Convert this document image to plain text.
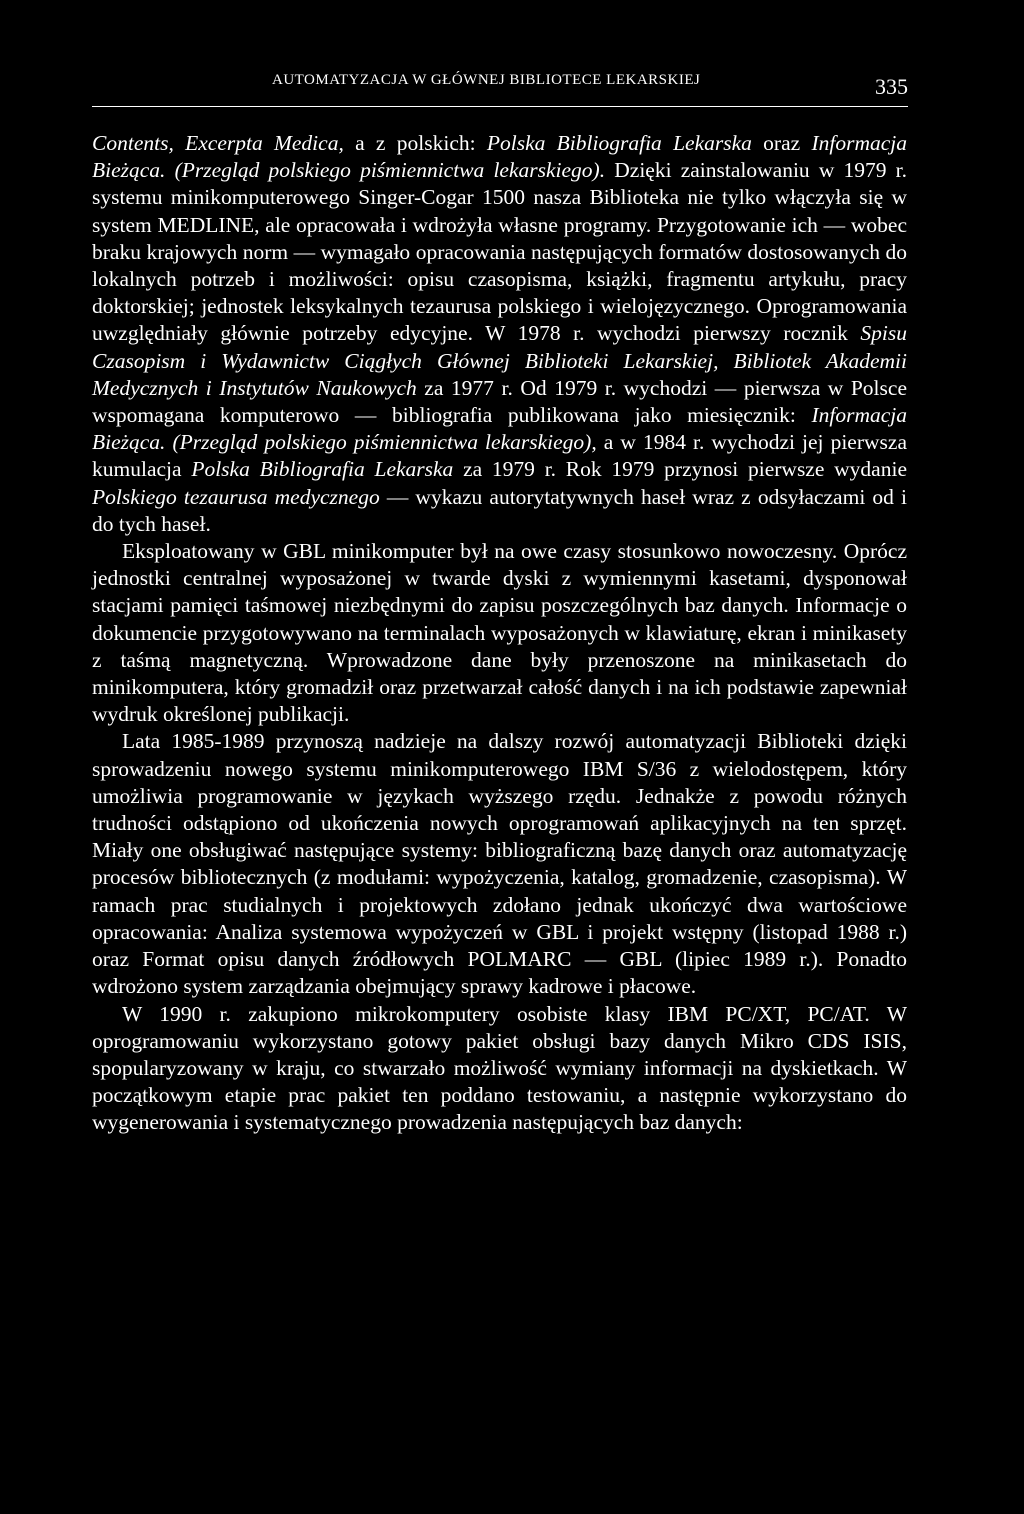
AUTOMATYZACJA W GŁÓWNEJ BIBLIOTECE LEKARSKIEJ	335

Contents, Excerpta Medica, a z polskich: Polska Bibliografia Lekarska oraz Informacja Bieżąca. (Przegląd polskiego piśmiennictwa lekarskiego). Dzięki zainstalowaniu w 1979 r. systemu minikomputerowego Singer-Cogar 1500 nasza Biblioteka nie tylko włączyła się w system MEDLINE, ale opracowała i wdrożyła własne programy. Przygotowanie ich — wobec braku krajowych norm — wymagało opracowania następujących formatów dostosowanych do lokalnych potrzeb i możliwości: opisu czasopisma, książki, fragmentu artykułu, pracy doktorskiej; jednostek leksykalnych tezaurusa polskiego i wielojęzycznego. Oprogramowania uwzględniały głównie potrzeby edycyjne. W 1978 r. wychodzi pierwszy rocznik Spisu Czasopism i Wydawnictw Ciągłych Głównej Biblioteki Lekarskiej, Bibliotek Akademii Medycznych i Instytutów Naukowych za 1977 r. Od 1979 r. wychodzi — pierwsza w Polsce wspomagana komputerowo — bibliografia publikowana jako miesięcznik: Informacja Bieżąca. (Przegląd polskiego piśmiennictwa lekarskiego), a w 1984 r. wychodzi jej pierwsza kumulacja Polska Bibliografia Lekarska za 1979 r. Rok 1979 przynosi pierwsze wydanie Polskiego tezaurusa medycznego — wykazu autorytatywnych haseł wraz z odsyłaczami od i do tych haseł.

Eksploatowany w GBL minikomputer był na owe czasy stosunkowo nowoczesny. Oprócz jednostki centralnej wyposażonej w twarde dyski z wymiennymi kasetami, dysponował stacjami pamięci taśmowej niezbędnymi do zapisu poszczególnych baz danych. Informacje o dokumencie przygotowywano na terminalach wyposażonych w klawiaturę, ekran i minikasety z taśmą magnetyczną. Wprowadzone dane były przenoszone na minikasetach do minikomputera, który gromadził oraz przetwarzał całość danych i na ich podstawie zapewniał wydruk określonej publikacji.

Lata 1985-1989 przynoszą nadzieje na dalszy rozwój automatyzacji Biblioteki dzięki sprowadzeniu nowego systemu minikomputerowego IBM S/36 z wielodostępem, który umożliwia programowanie w językach wyższego rzędu. Jednakże z powodu różnych trudności odstąpiono od ukończenia nowych oprogramowań aplikacyjnych na ten sprzęt. Miały one obsługiwać następujące systemy: bibliograficzną bazę danych oraz automatyzację procesów bibliotecznych (z modułami: wypożyczenia, katalog, gromadzenie, czasopisma). W ramach prac studialnych i projektowych zdołano jednak ukończyć dwa wartościowe opracowania: Analiza systemowa wypożyczeń w GBL i projekt wstępny (listopad 1988 r.) oraz Format opisu danych źródłowych POLMARC — GBL (lipiec 1989 r.). Ponadto wdrożono system zarządzania obejmujący sprawy kadrowe i płacowe.

W 1990 r. zakupiono mikrokomputery osobiste klasy IBM PC/XT, PC/AT. W oprogramowaniu wykorzystano gotowy pakiet obsługi bazy danych Mikro CDS ISIS, spopularyzowany w kraju, co stwarzało możliwość wymiany informacji na dyskietkach. W początkowym etapie prac pakiet ten poddano testowaniu, a następnie wykorzystano do wygenerowania i systematycznego prowadzenia następujących baz danych:
